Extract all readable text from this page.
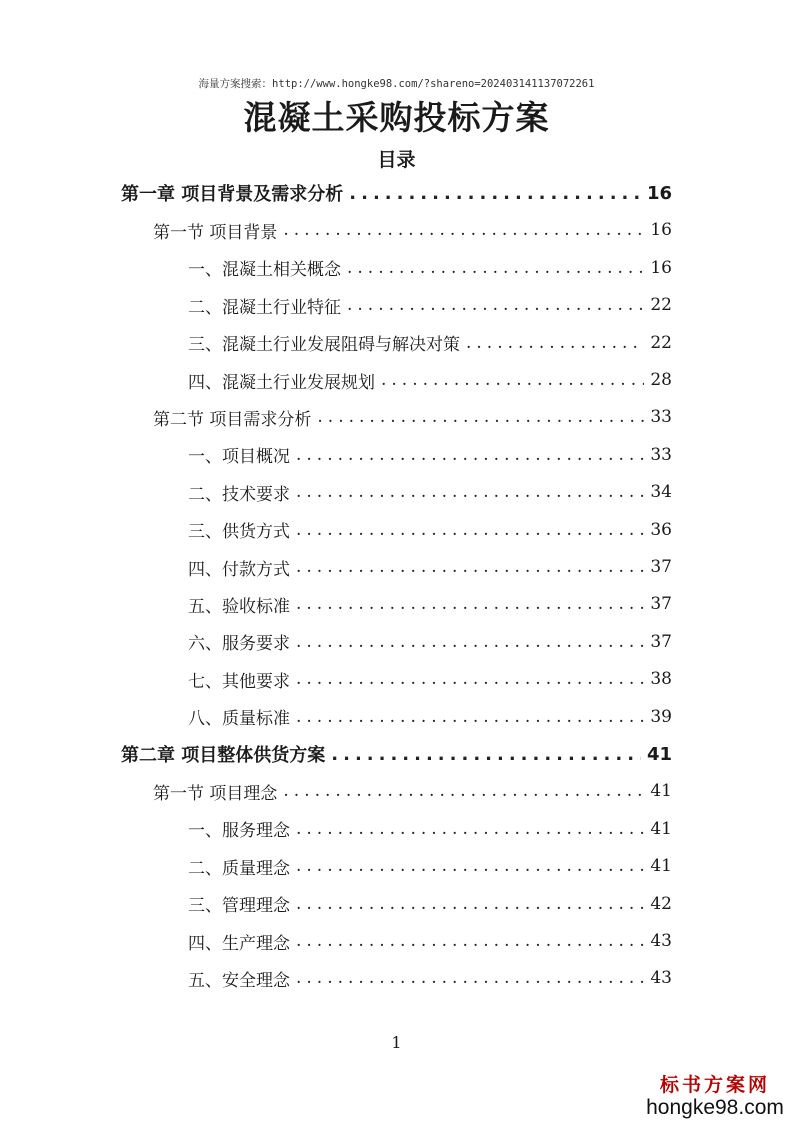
海量方案搜索：http://www.hongke98.com/?shareno=20240314113707​2261
混凝土采购投标方案
目录
第一章 项目背景及需求分析 .....	16
第一节 项目背景 .....	16
一、混凝土相关概念 .....	16
二、混凝土行业特征 .....	22
三、混凝土行业发展阻碍与解决对策 .....	22
四、混凝土行业发展规划 .....	28
第二节 项目需求分析 .....	33
一、项目概况 .....	33
二、技术要求 .....	34
三、供货方式 .....	36
四、付款方式 .....	37
五、验收标准 .....	37
六、服务要求 .....	37
七、其他要求 .....	38
八、质量标准 .....	39
第二章 项目整体供货方案 .....	41
第一节 项目理念 .....	41
一、服务理念 .....	41
二、质量理念 .....	41
三、管理理念 .....	42
四、生产理念 .....	43
五、安全理念 .....	43
1
标书方案网
hongke98.com
